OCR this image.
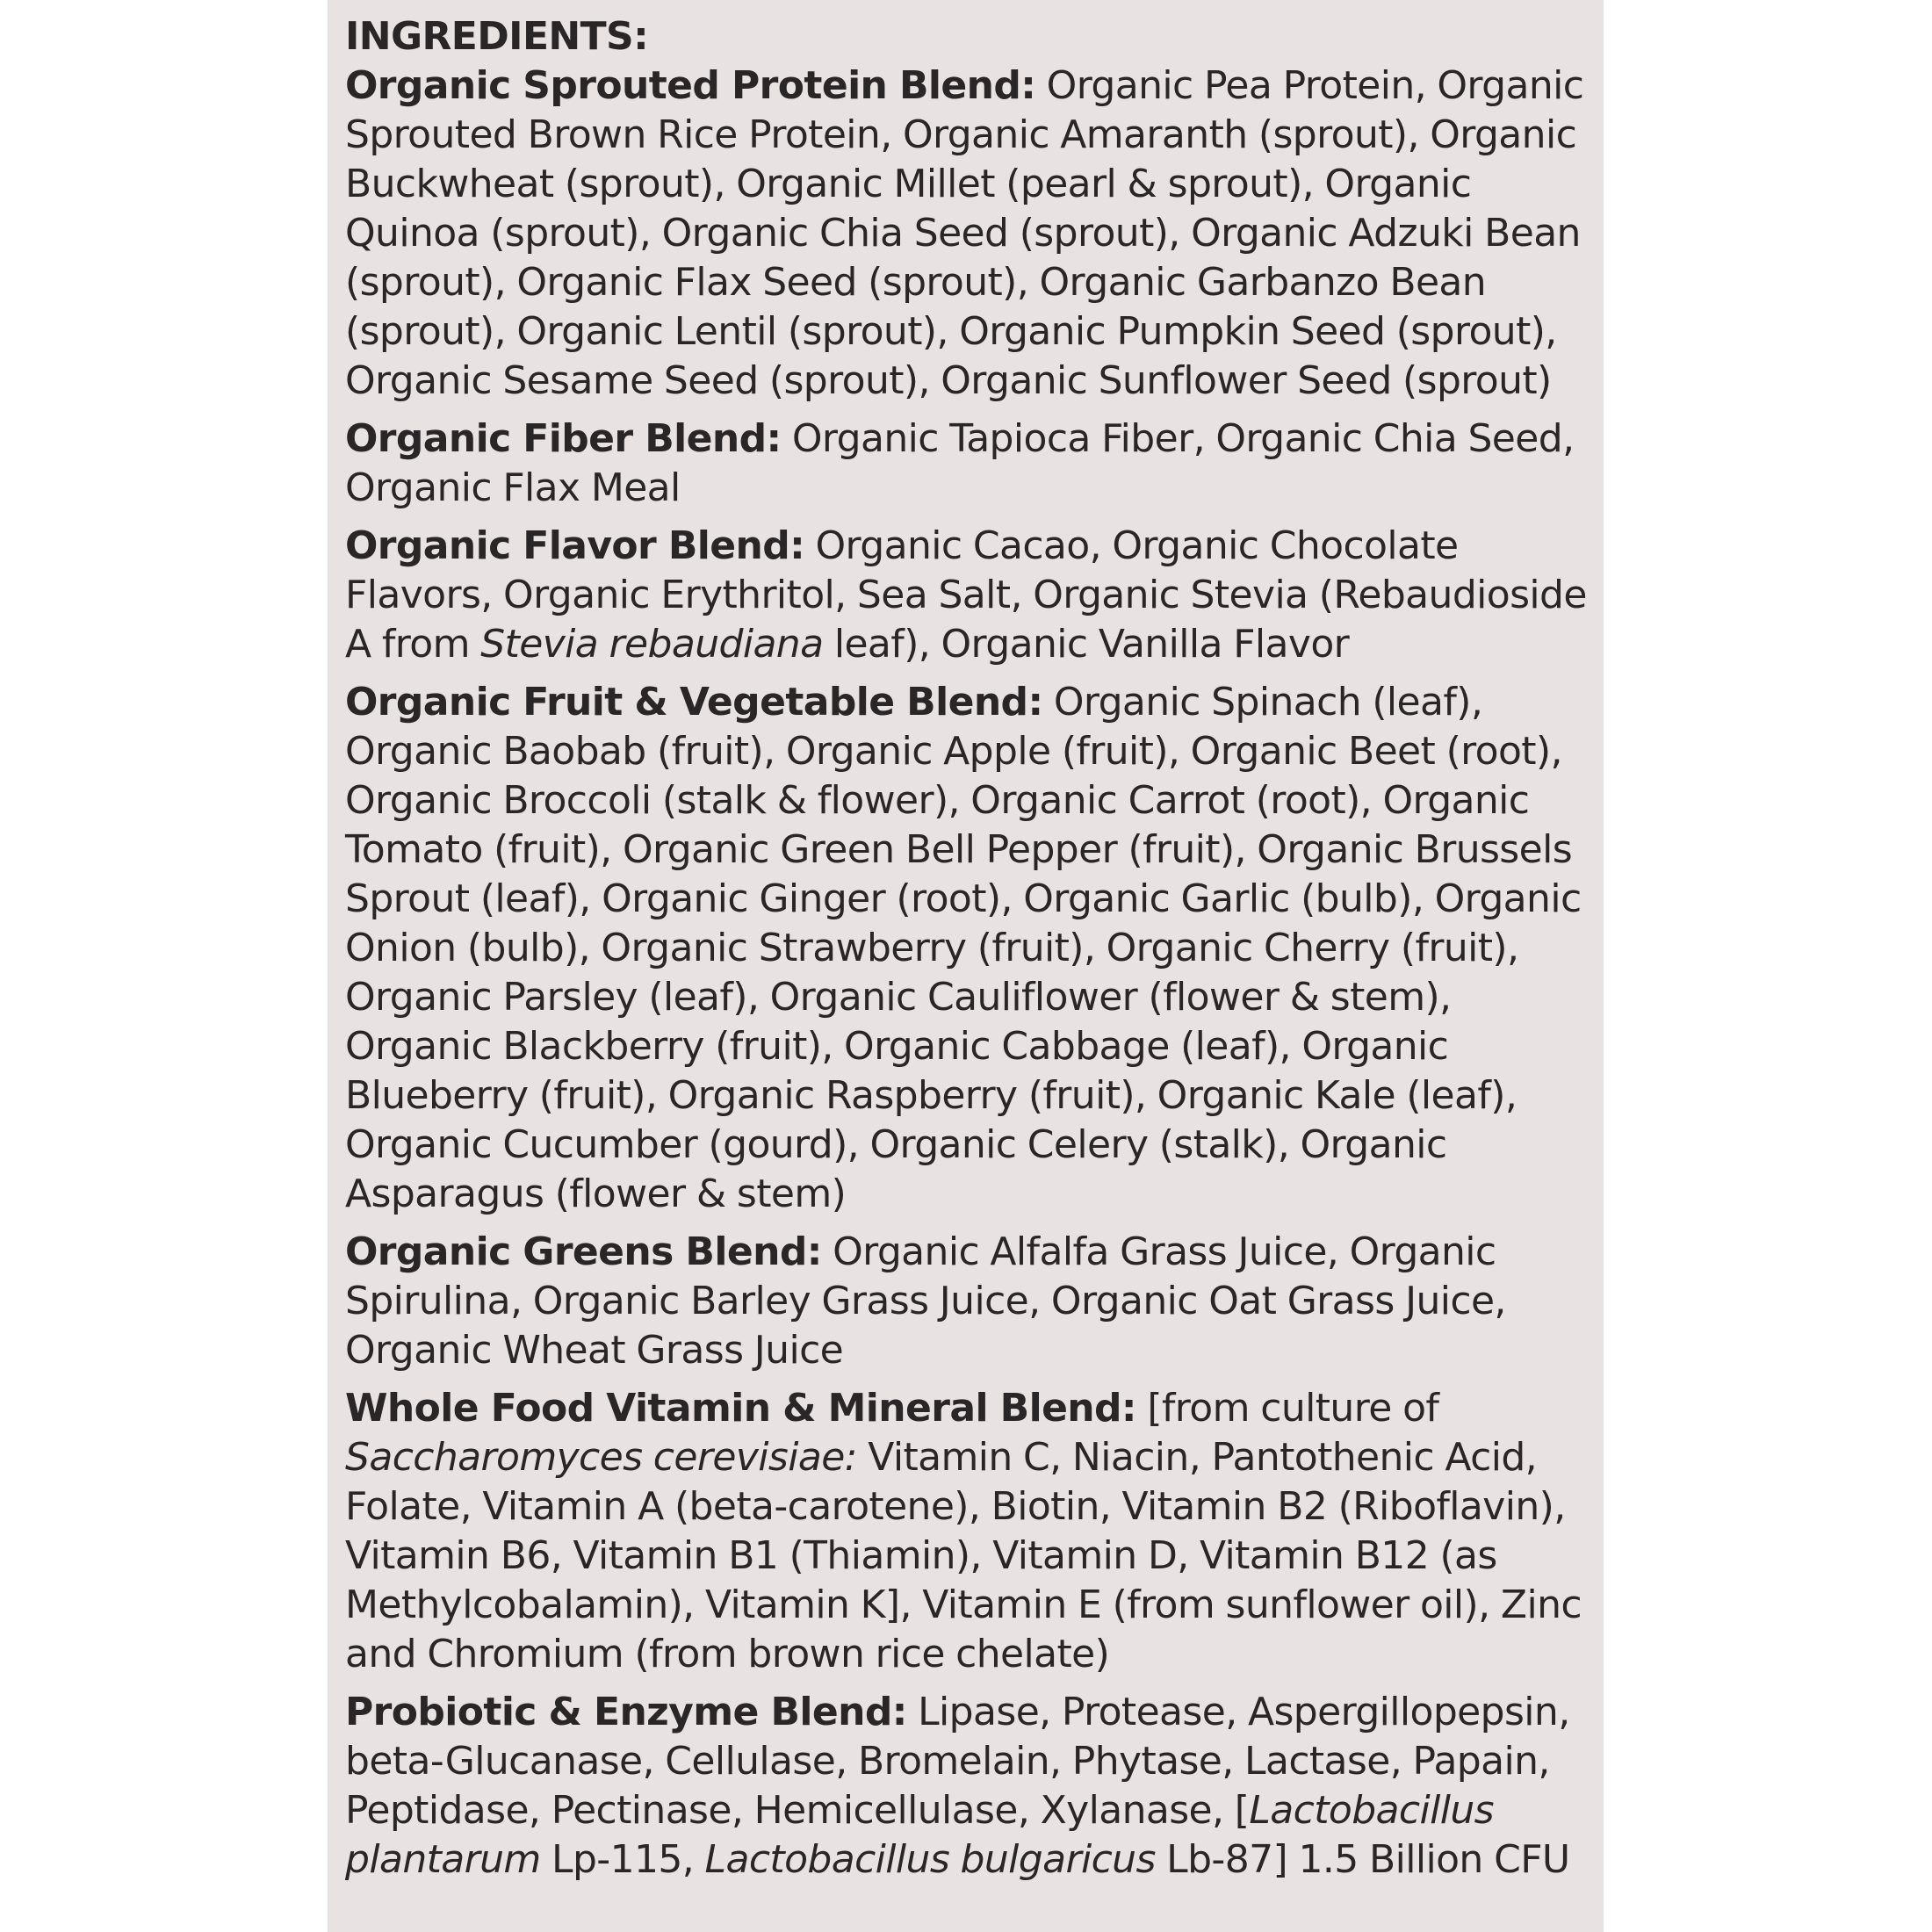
INGREDIENTS:
Organic Sprouted Protein Blend: Organic Pea Protein, Organic Sprouted Brown Rice Protein, Organic Amaranth (sprout), Organic Buckwheat (sprout), Organic Millet (pearl & sprout), Organic Quinoa (sprout), Organic Chia Seed (sprout), Organic Adzuki Bean (sprout), Organic Flax Seed (sprout), Organic Garbanzo Bean (sprout), Organic Lentil (sprout), Organic Pumpkin Seed (sprout), Organic Sesame Seed (sprout), Organic Sunflower Seed (sprout)
Organic Fiber Blend: Organic Tapioca Fiber, Organic Chia Seed, Organic Flax Meal
Organic Flavor Blend: Organic Cacao, Organic Chocolate Flavors, Organic Erythritol, Sea Salt, Organic Stevia (Rebaudioside A from Stevia rebaudiana leaf), Organic Vanilla Flavor
Organic Fruit & Vegetable Blend: Organic Spinach (leaf), Organic Baobab (fruit), Organic Apple (fruit), Organic Beet (root), Organic Broccoli (stalk & flower), Organic Carrot (root), Organic Tomato (fruit), Organic Green Bell Pepper (fruit), Organic Brussels Sprout (leaf), Organic Ginger (root), Organic Garlic (bulb), Organic Onion (bulb), Organic Strawberry (fruit), Organic Cherry (fruit), Organic Parsley (leaf), Organic Cauliflower (flower & stem), Organic Blackberry (fruit), Organic Cabbage (leaf), Organic Blueberry (fruit), Organic Raspberry (fruit), Organic Kale (leaf), Organic Cucumber (gourd), Organic Celery (stalk), Organic Asparagus (flower & stem)
Organic Greens Blend: Organic Alfalfa Grass Juice, Organic Spirulina, Organic Barley Grass Juice, Organic Oat Grass Juice, Organic Wheat Grass Juice
Whole Food Vitamin & Mineral Blend: [from culture of Saccharomyces cerevisiae: Vitamin C, Niacin, Pantothenic Acid, Folate, Vitamin A (beta-carotene), Biotin, Vitamin B2 (Riboflavin), Vitamin B6, Vitamin B1 (Thiamin), Vitamin D, Vitamin B12 (as Methylcobalamin), Vitamin K], Vitamin E (from sunflower oil), Zinc and Chromium (from brown rice chelate)
Probiotic & Enzyme Blend: Lipase, Protease, Aspergillopepsin, beta-Glucanase, Cellulase, Bromelain, Phytase, Lactase, Papain, Peptidase, Pectinase, Hemicellulase, Xylanase, [Lactobacillus plantarum Lp-115, Lactobacillus bulgaricus Lb-87] 1.5 Billion CFU
